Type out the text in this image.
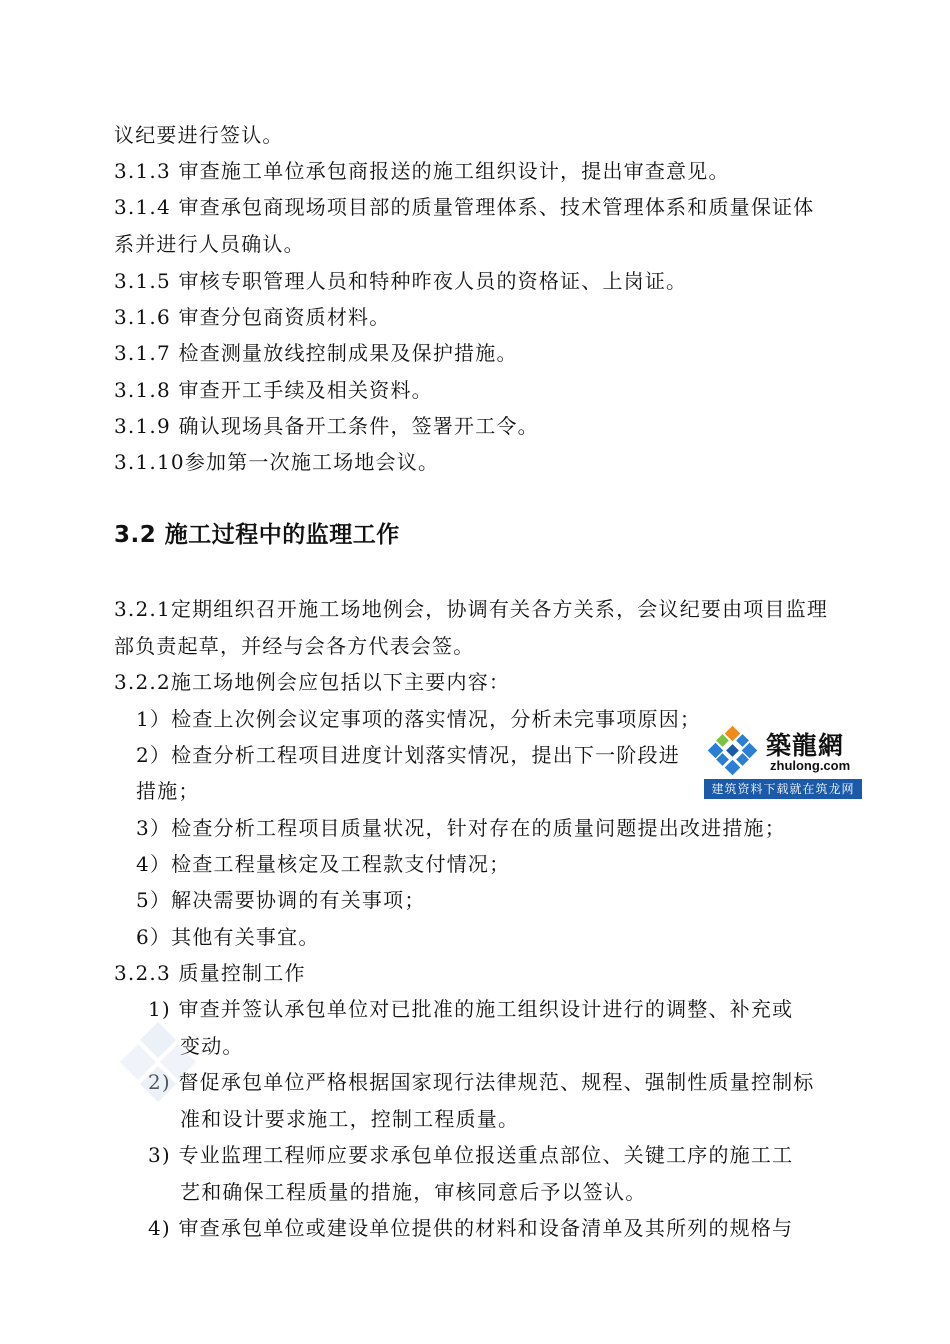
议纪要进行签认。
3.1.3 审查施工单位承包商报送的施工组织设计，提出审查意见。
3.1.4 审查承包商现场项目部的质量管理体系、技术管理体系和质量保证体
系并进行人员确认。
3.1.5 审核专职管理人员和特种昨夜人员的资格证、上岗证。
3.1.6 审查分包商资质材料。
3.1.7 检查测量放线控制成果及保护措施。
3.1.8 审查开工手续及相关资料。
3.1.9 确认现场具备开工条件，签署开工令。
3.1.10参加第一次施工场地会议。
3.2 施工过程中的监理工作
3.2.1定期组织召开施工场地例会，协调有关各方关系，会议纪要由项目监理
部负责起草，并经与会各方代表会签。
3.2.2施工场地例会应包括以下主要内容：
1）检查上次例会议定事项的落实情况，分析未完事项原因；
2）检查分析工程项目进度计划落实情况，提出下一阶段进
措施；
3）检查分析工程项目质量状况，针对存在的质量问题提出改进措施；
4）检查工程量核定及工程款支付情况；
5）解决需要协调的有关事项；
6）其他有关事宜。
3.2.3 质量控制工作
1) 审查并签认承包单位对已批准的施工组织设计进行的调整、补充或
变动。
2) 督促承包单位严格根据国家现行法律规范、规程、强制性质量控制标
准和设计要求施工，控制工程质量。
3) 专业监理工程师应要求承包单位报送重点部位、关键工序的施工工
艺和确保工程质量的措施，审核同意后予以签认。
4) 审查承包单位或建设单位提供的材料和设备清单及其所列的规格与
築龍網
zhulong.com
建筑资料下载就在筑龙网
